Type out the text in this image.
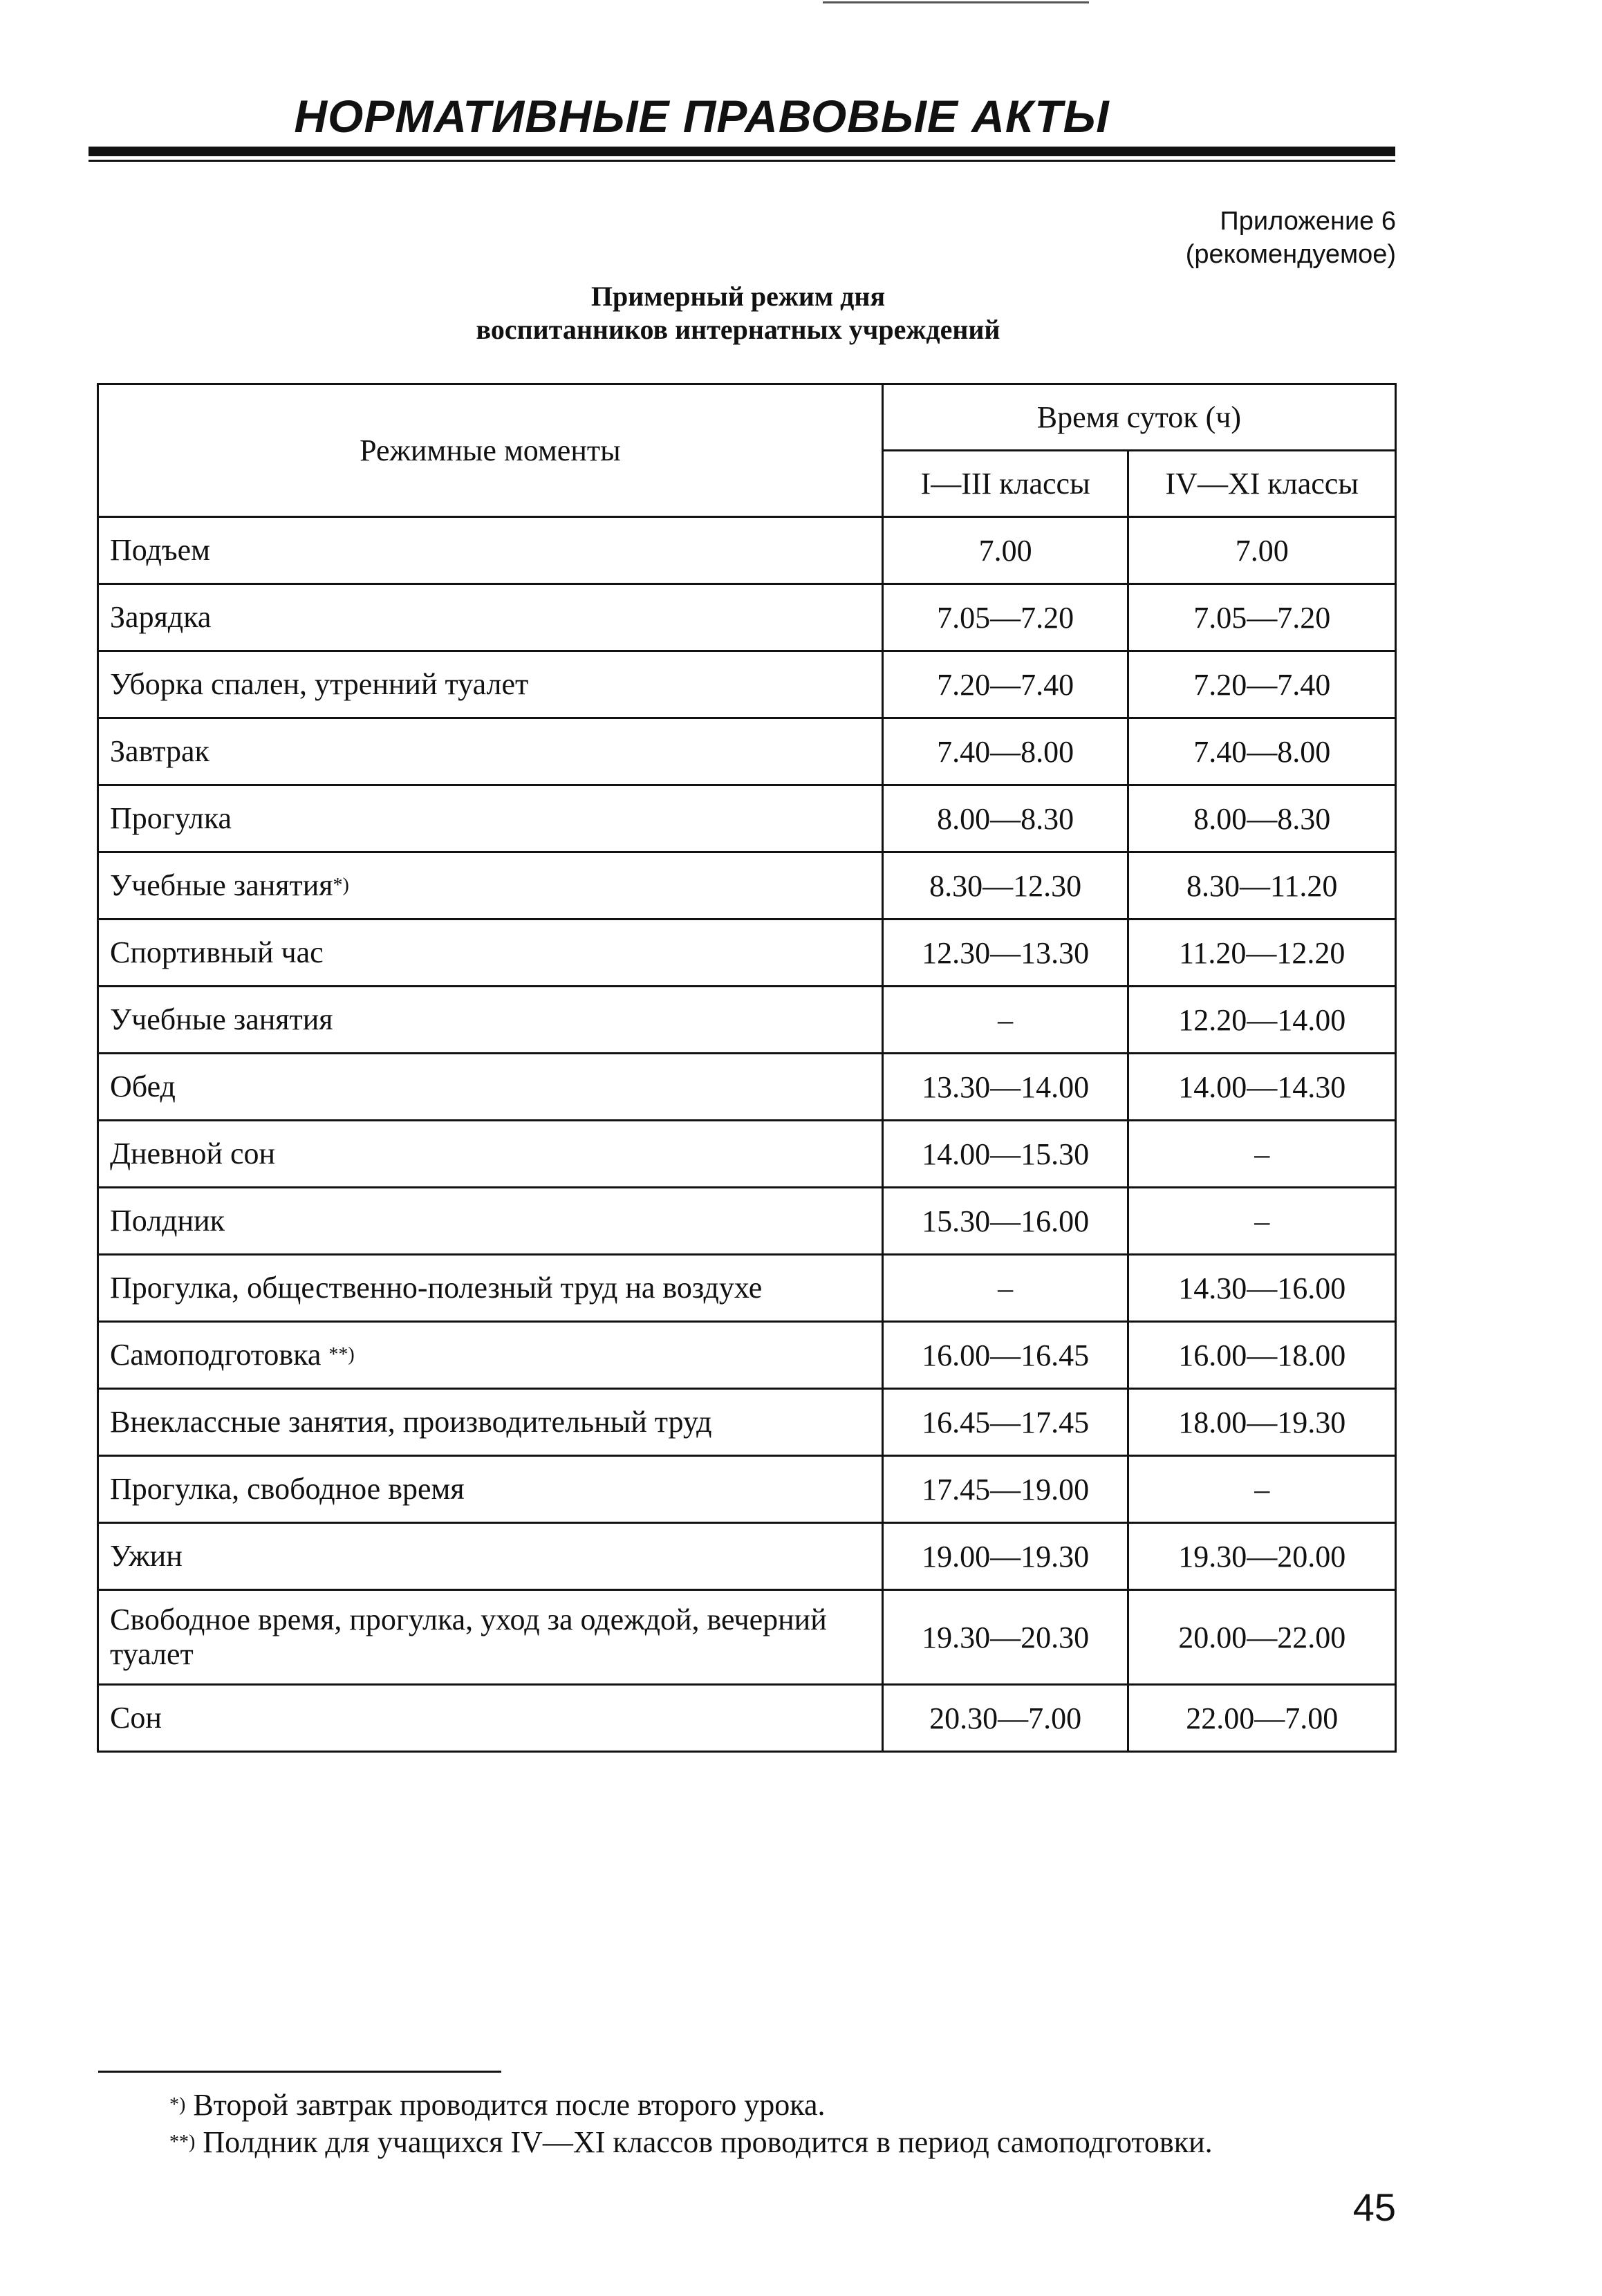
НОРМАТИВНЫЕ ПРАВОВЫЕ АКТЫ
Приложение 6
(рекомендуемое)
Примерный режим дня
воспитанников интернатных учреждений
Режимные моменты	Время суток (ч)	
	I—III классы	IV—XI классы
Подъем	7.00	7.00
Зарядка	7.05—7.20	7.05—7.20
Уборка спален, утренний туалет	7.20—7.40	7.20—7.40
Завтрак	7.40—8.00	7.40—8.00
Прогулка	8.00—8.30	8.00—8.30
Учебные занятия*)	8.30—12.30	8.30—11.20
Спортивный час	12.30—13.30	11.20—12.20
Учебные занятия	–	12.20—14.00
Обед	13.30—14.00	14.00—14.30
Дневной сон	14.00—15.30	–
Полдник	15.30—16.00	–
Прогулка, общественно-полезный труд на воздухе	–	14.30—16.00
Самоподготовка **)	16.00—16.45	16.00—18.00
Внеклассные занятия, производительный труд	16.45—17.45	18.00—19.30
Прогулка, свободное время	17.45—19.00	–
Ужин	19.00—19.30	19.30—20.00
Свободное время, прогулка, уход за одеждой, вечерний туалет	19.30—20.30	20.00—22.00
Сон	20.30—7.00	22.00—7.00
*) Второй завтрак проводится после второго урока.
**) Полдник для учащихся IV—XI классов проводится в период самоподготовки.
45
